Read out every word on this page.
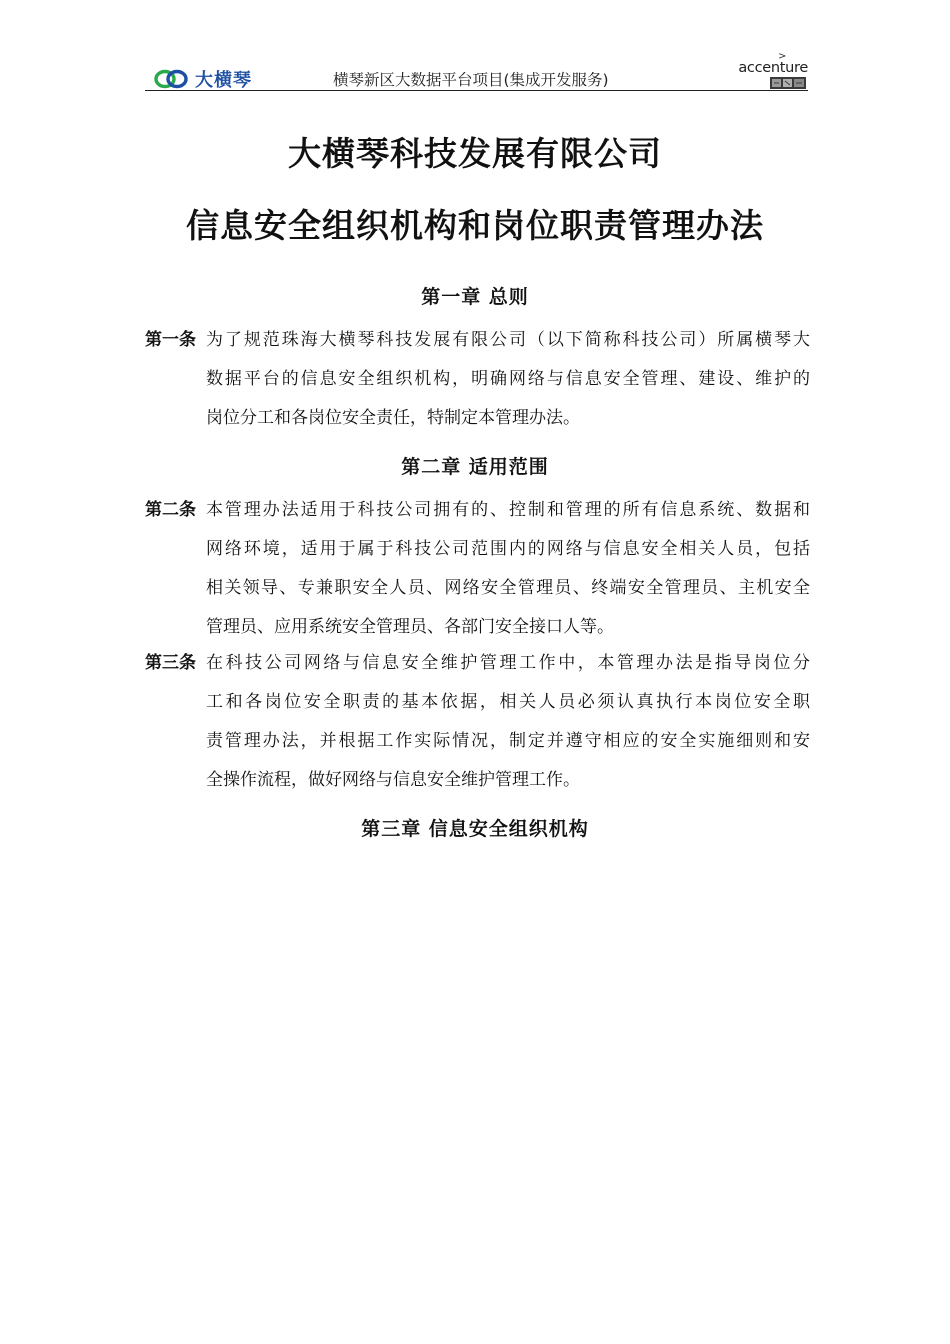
大横琴	横琴新区大数据平台项目(集成开发服务)
>
accenture
大横琴科技发展有限公司
信息安全组织机构和岗位职责管理办法
第一章 总则
第一条 为了规范珠海大横琴科技发展有限公司（以下简称科技公司）所属横琴大
数据平台的信息安全组织机构，明确网络与信息安全管理、建设、维护的
岗位分工和各岗位安全责任，特制定本管理办法。
第二章 适用范围
第二条 本管理办法适用于科技公司拥有的、控制和管理的所有信息系统、数据和
网络环境，适用于属于科技公司范围内的网络与信息安全相关人员，包括
相关领导、专兼职安全人员、网络安全管理员、终端安全管理员、主机安全
管理员、应用系统安全管理员、各部门安全接口人等。
第三条 在科技公司网络与信息安全维护管理工作中，本管理办法是指导岗位分
工和各岗位安全职责的基本依据，相关人员必须认真执行本岗位安全职
责管理办法，并根据工作实际情况，制定并遵守相应的安全实施细则和安
全操作流程，做好网络与信息安全维护管理工作。
第三章 信息安全组织机构
